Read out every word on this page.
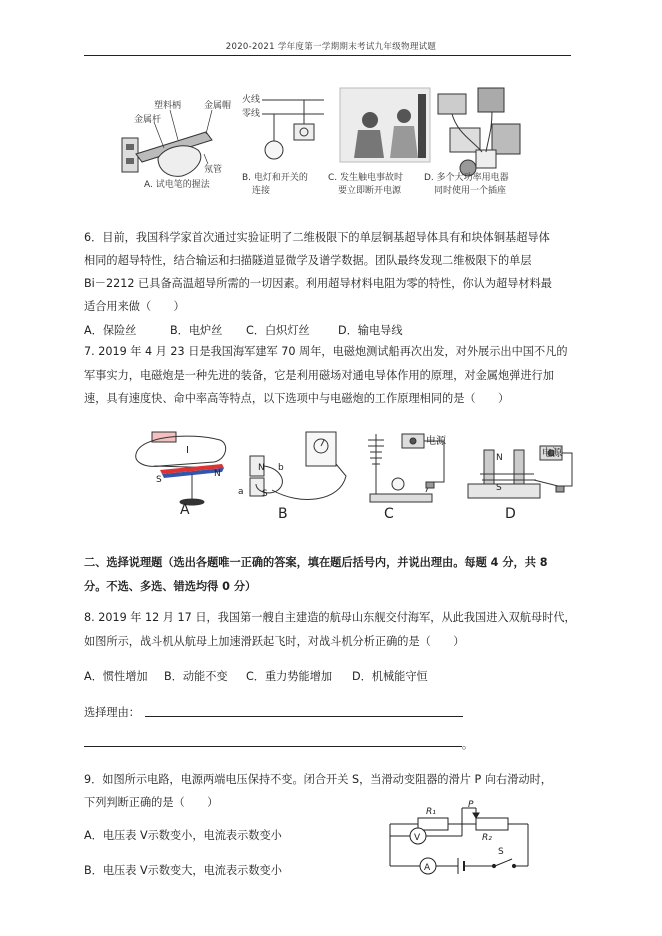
2020-2021 学年度第一学期期末考试九年级物理试题
塑料柄
金属杆
金属帽
氖管
火线
零线
A. 试电笔的握法
B. 电灯和开关的
连接
C. 发生触电事故时
要立即断开电源
D. 多个大功率用电器
同时使用一个插座
6．目前，我国科学家首次通过实验证明了二维极限下的单层铜基超导体具有和块体铜基超导体
相同的超导特性，结合输运和扫描隧道显微学及谱学数据。团队最终发现二维极限下的单层
Bi－2212 已具备高温超导所需的一切因素。利用超导材料电阻为零的特性，你认为超导材料最
适合用来做（　　）
A．保险丝	B．电炉丝 C．白炽灯丝	D．输电导线
7. 2019 年 4 月 23 日是我国海军建军 70 周年，电磁炮测试船再次出发，对外展示出中国不凡的
军事实力，电磁炮是一种先进的装备，它是利用磁场对通电导体作用的原理，对金属炮弹进行加
速，具有速度快、命中率高等特点，以下选项中与电磁炮的工作原理相同的是（　　）
I
S
N
N b
a S
电源
N
S
电源
A	B	C	D
二、选择说理题（选出各题唯一正确的答案，填在题后括号内，并说出理由。每题 4 分，共 8
分。不选、多选、错选均得 0 分）
8. 2019 年 12 月 17 日，我国第一艘自主建造的航母山东舰交付海军，从此我国进入双航母时代，
如图所示，战斗机从航母上加速滑跃起飞时，对战斗机分析正确的是（　　）
A．惯性增加 B．动能不变 C．重力势能增加 D．机械能守恒
选择理由：
。
9．如图所示电路，电源两端电压保持不变。闭合开关 S，当滑动变阻器的滑片 P 向右滑动时，
下列判断正确的是（　　）
A．电压表 V示数变小，电流表示数变小
B．电压表 V示数变大，电流表示数变小
R₁
P
R₂
V
A
S
